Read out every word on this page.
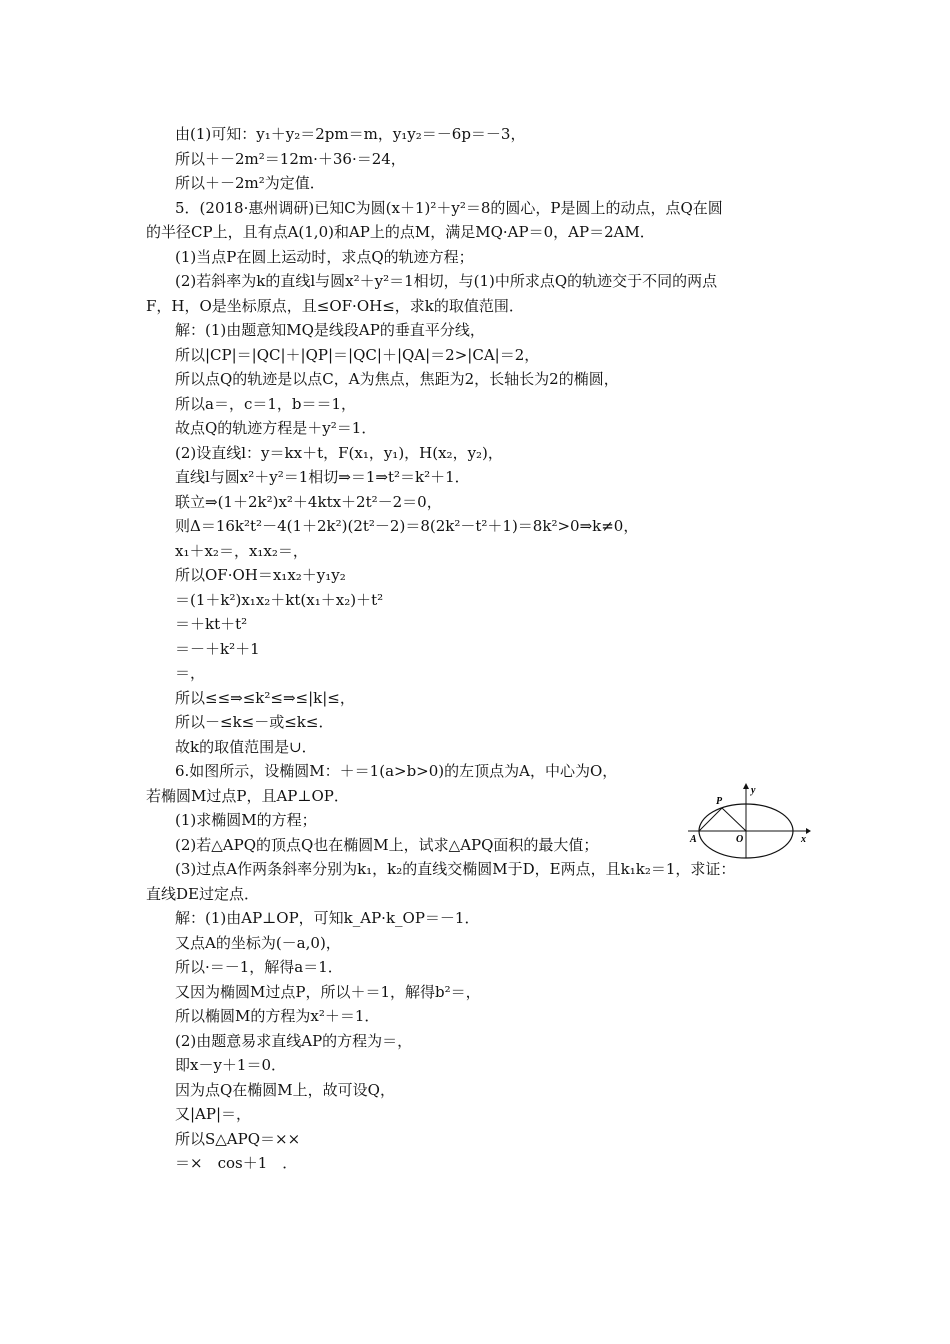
由(1)可知：y₁＋y₂＝2pm＝m，y₁y₂＝－6p＝－3，
所以＋－2m²＝12m·＋36·＝24，
所以＋－2m²为定值．
5．(2018·惠州调研)已知C为圆(x＋1)²＋y²＝8的圆心，P是圆上的动点，点Q在圆
的半径CP上，且有点A(1,0)和AP上的点M，满足MQ·AP＝0，AP＝2AM．
(1)当点P在圆上运动时，求点Q的轨迹方程；
(2)若斜率为k的直线l与圆x²＋y²＝1相切，与(1)中所求点Q的轨迹交于不同的两点
F，H，O是坐标原点，且≤OF·OH≤，求k的取值范围．
解：(1)由题意知MQ是线段AP的垂直平分线，
所以|CP|＝|QC|＋|QP|＝|QC|＋|QA|＝2>|CA|＝2，
所以点Q的轨迹是以点C，A为焦点，焦距为2，长轴长为2的椭圆，
所以a＝，c＝1，b＝＝1，
故点Q的轨迹方程是＋y²＝1．
(2)设直线l：y＝kx＋t，F(x₁，y₁)，H(x₂，y₂)，
直线l与圆x²＋y²＝1相切⇒＝1⇒t²＝k²＋1．
联立⇒(1＋2k²)x²＋4ktx＋2t²－2＝0，
则Δ＝16k²t²－4(1＋2k²)(2t²－2)＝8(2k²－t²＋1)＝8k²>0⇒k≠0，
x₁＋x₂＝，x₁x₂＝，
所以OF·OH＝x₁x₂＋y₁y₂
＝(1＋k²)x₁x₂＋kt(x₁＋x₂)＋t²
＝＋kt＋t²
＝－＋k²＋1
＝，
所以≤≤⇒≤k²≤⇒≤|k|≤，
所以－≤k≤－或≤k≤．
故k的取值范围是∪．
6.如图所示，设椭圆M：＋＝1(a>b>0)的左顶点为A，中心为O，
若椭圆M过点P，且AP⊥OP．
(1)求椭圆M的方程；
(2)若△APQ的顶点Q也在椭圆M上，试求△APQ面积的最大值；
(3)过点A作两条斜率分别为k₁，k₂的直线交椭圆M于D，E两点，且k₁k₂＝1，求证：
直线DE过定点．
解：(1)由AP⊥OP，可知k_AP·k_OP＝－1．
又点A的坐标为(－a,0)，
所以·＝－1，解得a＝1．
又因为椭圆M过点P，所以＋＝1，解得b²＝，
所以椭圆M的方程为x²＋＝1．
(2)由题意易求直线AP的方程为＝，
即x－y＋1＝0．
因为点Q在椭圆M上，故可设Q，
又|AP|＝，
所以S△APQ＝××
＝×　cos＋1　．
y
x
P
A	O
